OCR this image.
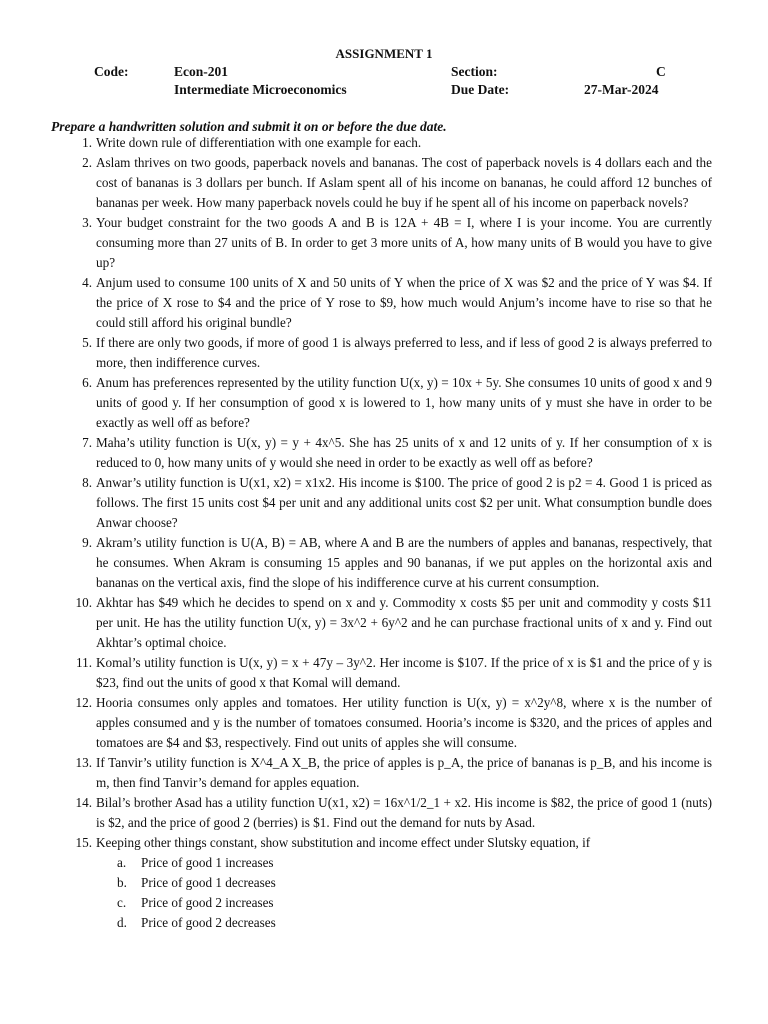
ASSIGNMENT 1
Code:	Econ-201	Section:	C
Intermediate Microeconomics	Due Date:	27-Mar-2024
Prepare a handwritten solution and submit it on or before the due date.
1. Write down rule of differentiation with one example for each.
2. Aslam thrives on two goods, paperback novels and bananas. The cost of paperback novels is 4 dollars each and the cost of bananas is 3 dollars per bunch. If Aslam spent all of his income on bananas, he could afford 12 bunches of bananas per week. How many paperback novels could he buy if he spent all of his income on paperback novels?
3. Your budget constraint for the two goods A and B is 12A + 4B = I, where I is your income. You are currently consuming more than 27 units of B. In order to get 3 more units of A, how many units of B would you have to give up?
4. Anjum used to consume 100 units of X and 50 units of Y when the price of X was $2 and the price of Y was $4. If the price of X rose to $4 and the price of Y rose to $9, how much would Anjum’s income have to rise so that he could still afford his original bundle?
5. If there are only two goods, if more of good 1 is always preferred to less, and if less of good 2 is always preferred to more, then indifference curves.
6. Anum has preferences represented by the utility function U(x, y) = 10x + 5y. She consumes 10 units of good x and 9 units of good y. If her consumption of good x is lowered to 1, how many units of y must she have in order to be exactly as well off as before?
7. Maha’s utility function is U(x, y) = y + 4x^5. She has 25 units of x and 12 units of y. If her consumption of x is reduced to 0, how many units of y would she need in order to be exactly as well off as before?
8. Anwar’s utility function is U(x1, x2) = x1x2. His income is $100. The price of good 2 is p2 = 4. Good 1 is priced as follows. The first 15 units cost $4 per unit and any additional units cost $2 per unit. What consumption bundle does Anwar choose?
9. Akram’s utility function is U(A, B) = AB, where A and B are the numbers of apples and bananas, respectively, that he consumes. When Akram is consuming 15 apples and 90 bananas, if we put apples on the horizontal axis and bananas on the vertical axis, find the slope of his indifference curve at his current consumption.
10. Akhtar has $49 which he decides to spend on x and y. Commodity x costs $5 per unit and commodity y costs $11 per unit. He has the utility function U(x, y) = 3x^2 + 6y^2 and he can purchase fractional units of x and y. Find out Akhtar’s optimal choice.
11. Komal’s utility function is U(x, y) = x + 47y – 3y^2. Her income is $107. If the price of x is $1 and the price of y is $23, find out the units of good x that Komal will demand.
12. Hooria consumes only apples and tomatoes. Her utility function is U(x, y) = x^2y^8, where x is the number of apples consumed and y is the number of tomatoes consumed. Hooria’s income is $320, and the prices of apples and tomatoes are $4 and $3, respectively. Find out units of apples she will consume.
13. If Tanvir’s utility function is X^4_A X_B, the price of apples is p_A, the price of bananas is p_B, and his income is m, then find Tanvir’s demand for apples equation.
14. Bilal’s brother Asad has a utility function U(x1, x2) = 16x^1/2_1 + x2. His income is $82, the price of good 1 (nuts) is $2, and the price of good 2 (berries) is $1. Find out the demand for nuts by Asad.
15. Keeping other things constant, show substitution and income effect under Slutsky equation, if
a. Price of good 1 increases
b. Price of good 1 decreases
c. Price of good 2 increases
d. Price of good 2 decreases
